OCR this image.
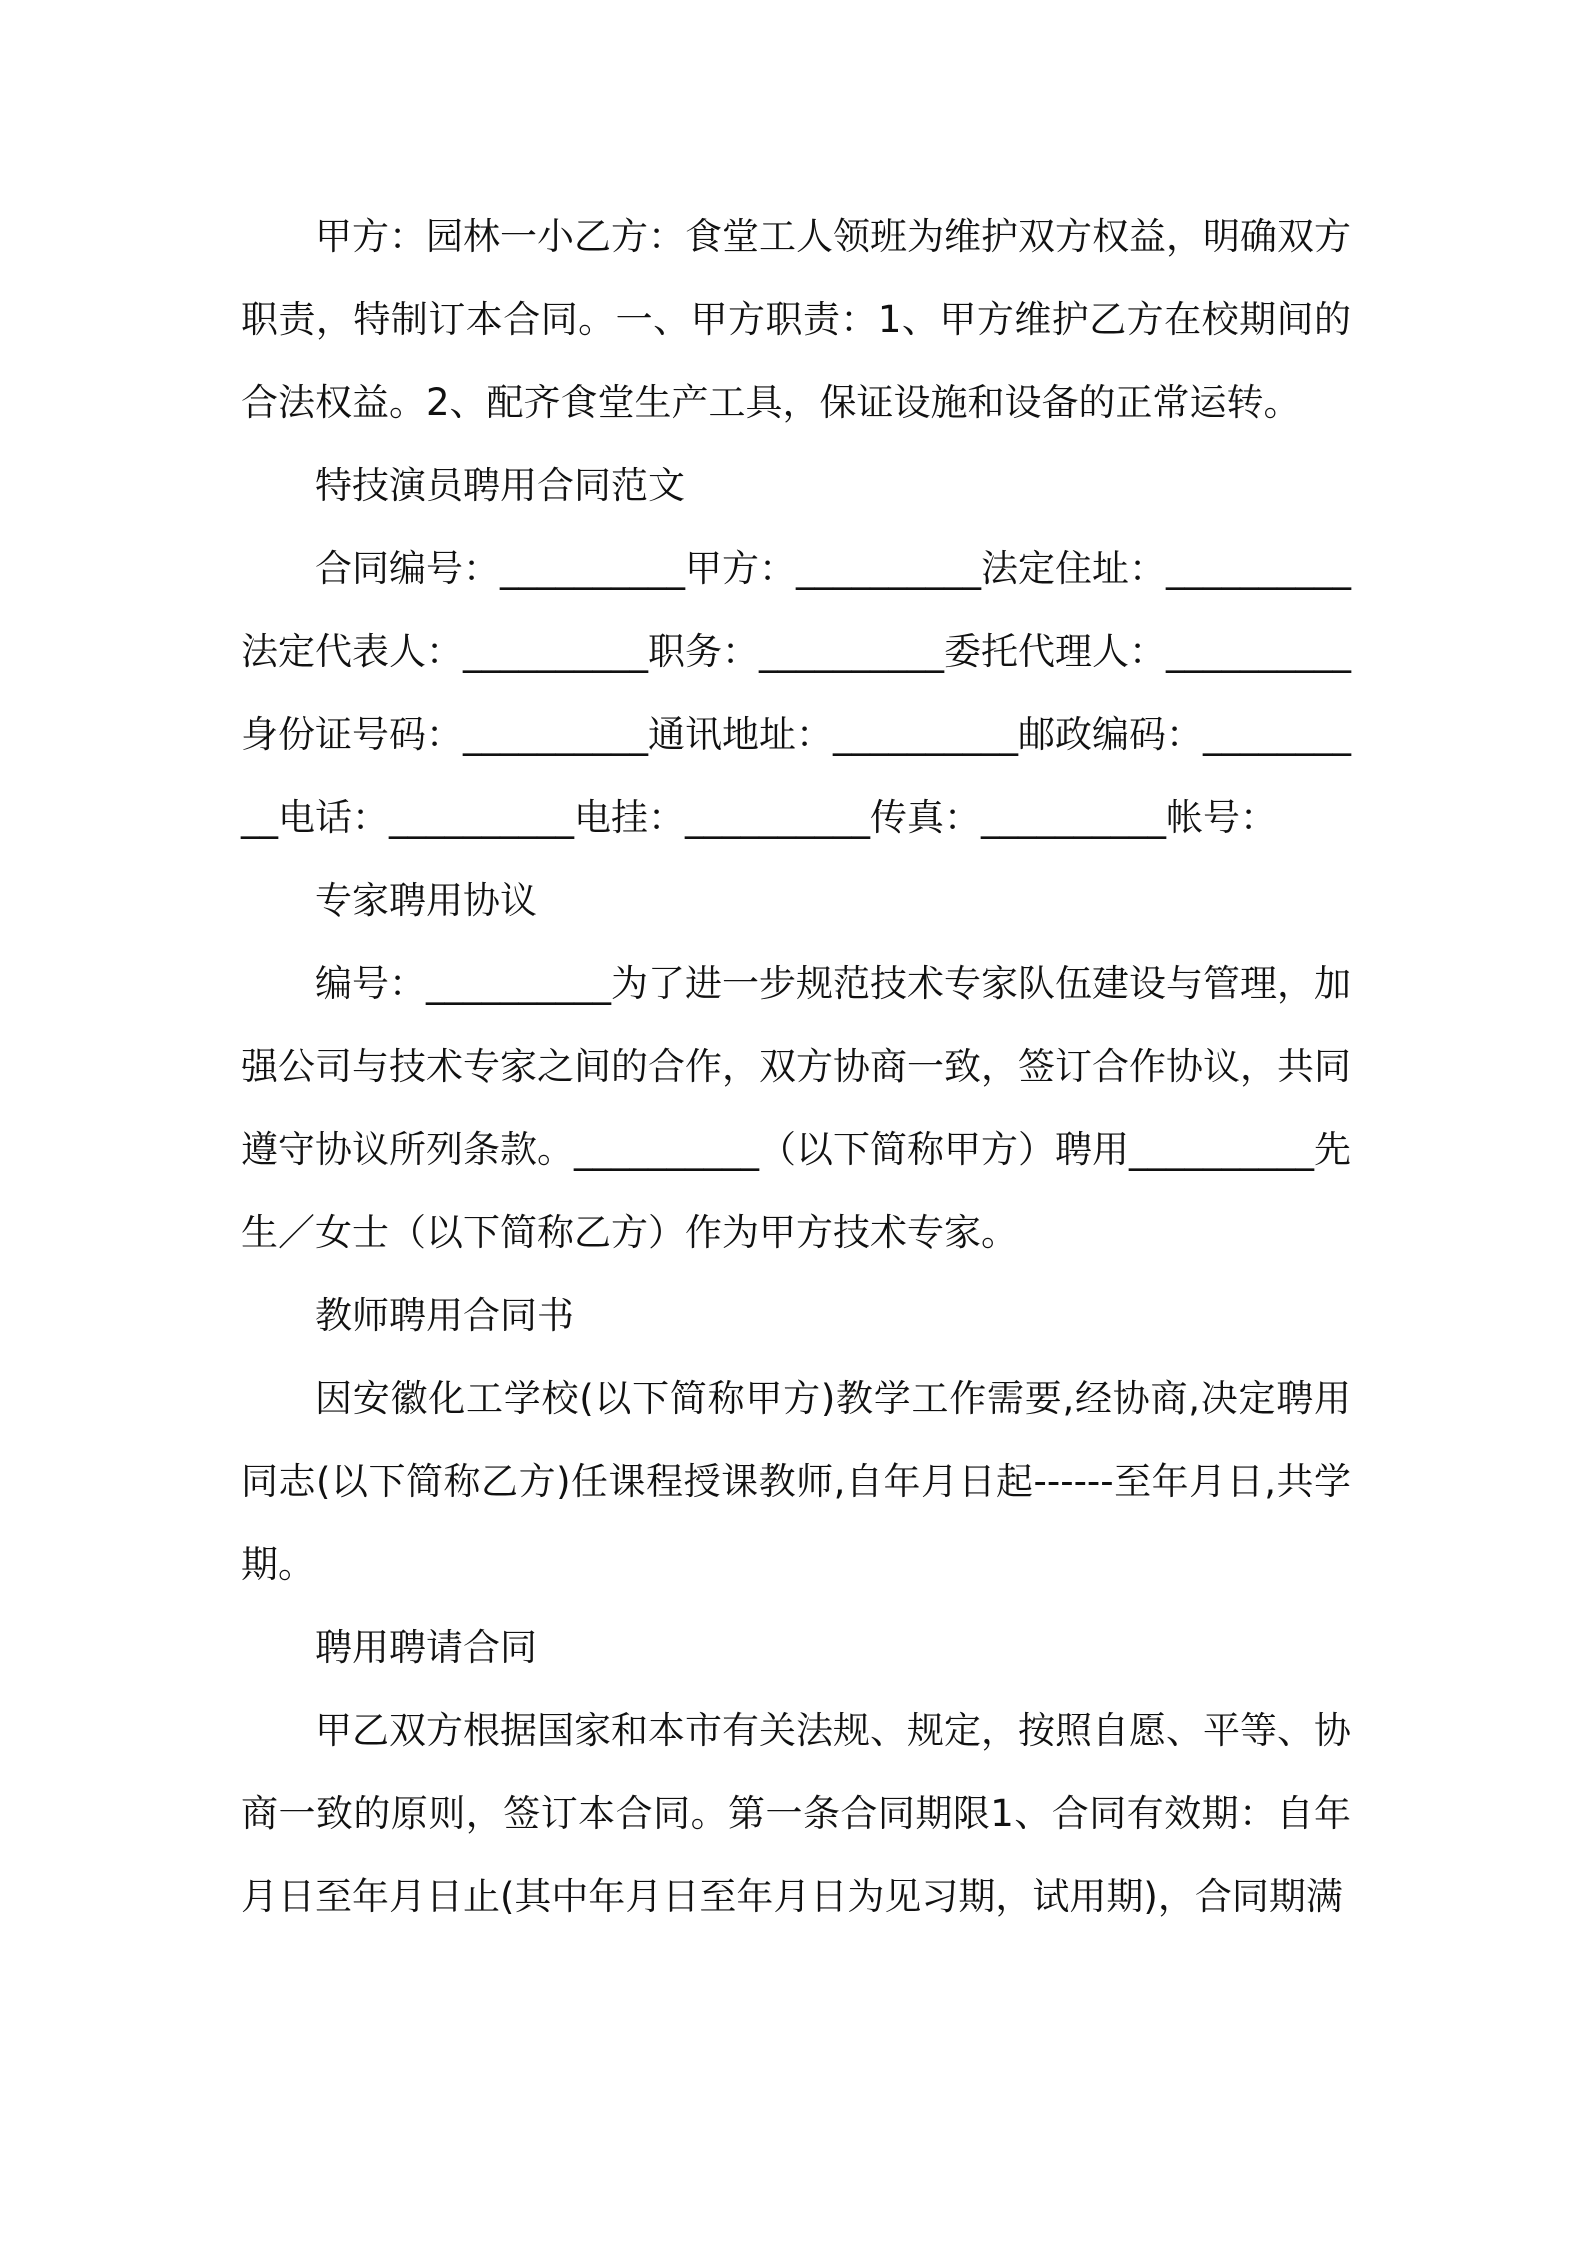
甲方：园林一小乙方：食堂工人领班为维护双方权益，明确双方职责，特制订本合同。一、甲方职责：1、甲方维护乙方在校期间的合法权益。2、配齐食堂生产工具，保证设施和设备的正常运转。

特技演员聘用合同范文

合同编号：__________甲方：__________法定住址：__________法定代表人：__________职务：__________委托代理人：__________身份证号码：__________通讯地址：__________邮政编码：__________电话：__________电挂：__________传真：__________帐号：

专家聘用协议

编号：__________为了进一步规范技术专家队伍建设与管理，加强公司与技术专家之间的合作，双方协商一致，签订合作协议，共同遵守协议所列条款。__________（以下简称甲方）聘用__________先生／女士（以下简称乙方）作为甲方技术专家。

教师聘用合同书

因安徽化工学校(以下简称甲方)教学工作需要,经协商,决定聘用同志(以下简称乙方)任课程授课教师,自年月日起------至年月日,共学期。

聘用聘请合同

甲乙双方根据国家和本市有关法规、规定，按照自愿、平等、协商一致的原则，签订本合同。第一条合同期限1、合同有效期：自年月日至年月日止(其中年月日至年月日为见习期，试用期)，合同期满
